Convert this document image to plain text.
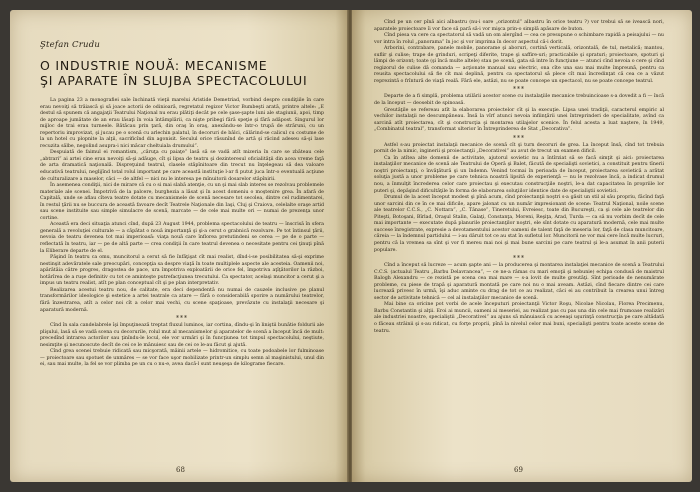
Ştefan Crudu
O INDUSTRIE NOUĂ: MECANISME
ŞI APARATE ÎN SLUJBA SPECTACOLULUI

La pagina 23 a monografiei sale închinată vieţii marelui Aristide Demetriad, vorbind despre condiţiile în care erau nevoiţi să trăiască şi să joace actorii de odinioară, regretatul regizor Victor Bumbeşti arată, printre altele: „E destul să spunem că angajaţii Teatrului Naţional nu erau plătiţi decât pe cele şase-şapte luni ale stagiunii, apoi, timp de aproape jumătate de an erau lăsaţi în voia întâmplării, ca nişte pribegi fără speţie şi fără adăpost. Singurul lor mijloc de trai erau turneele. Bătăcau prin ţară, din oraş în oraş, anexându-se într-o trupă de străruni, cu un repertoriu improvizat, şi jucau pe o scenă cu arlechin palatul, în decoruri de bâlci, călărind-se calicul cu costume de la un hotel cu plopnite la alţii, sacrificînd din agonisit. Seculul orice răsunînd de artă şi răcind adeseu să-şi lase recuzita sălbe, negolind asupra-i nici măcar cheltuiala drumului”.

Despuiată de faimul ei romantism, „căruţa cu paiaţe” lasă să se vadă atît mizeria în care se zbăteau cele „abtrari” ai artei cine erau nevoiţi să-şi adăuge, cît şi lipsa de teatru şi dezinteresul oficialităţii din acea vreme faţă de arta dramatică naţională. Dispreţuind teatrul, clasele stăpînitoare din trecut nu înţelegeau să dea valoare educativă teatrului, neglijînd total rolul important pe care această instituţie l-ar fi putut juca într-o eventuală acţiune de culturalizare a maselor, căci — de altfel — nici nu le interesa pe mînuitorii dosarelor stăpînirii.

În asemenea condiţii, nici de mirare că cu o si mai slabă atenţie, cu un şi mai slab interes se rezolvau problemele materiale ale scenei. Împotrivă de la palcere, burghezia a lăsat şi în acest domeniu o moştenire grea. În afară de Capitală, unde se aflau cîteva teatre dotate cu mecanismele de scenă necesare tot secolea, dintre cel rudimentarei, în restul ţării nu se buccura de această favoare decît Teatrele Naţionale din Iaşi, Cluj şi Craiova, celelalte oraşe artid sau scene instituite sau simple simulacre de scenă, marcate — de cele mai multe ori — numai de prezenţa unor cortine.

Această era deci situaţia atunci cînd, după 23 August 1944, problema spectacolului de teatru — înscrisă în sfera generală a revoluţiei culturale — a căpătat o nouă importanţă şi şi-a cerut o grabnică rezolvare. Pe tot întinsul ţării, nevoia de teatru devenea tot mai imperioasă: viaţa nouă care înflorea pretutindeni se cerea — pe de o parte — reflectată în teatru, iar — pe de altă parte — crea condiţii în care teatrul devenea o necesitate pentru cei ţinuţi pînă la Eliberare departe de el.

Păşind în teatru ca omu, muncitorul a cerut să fie înfăţişat cît mai realist, dînd-i-se posibilitatea să-şi exprime nestinşit adevăratele sale preocupări, concepţia sa despre viaţă în toate multiplele aspecte ale acesteia. Oamenii noi, apărătăia către progres, dragostea de pace, ura împotriva exploatării de orice fel, împotriva aţîţătorilor la război, hotărîrea de a ruşe definitiv cu tot ce aminteşte putrefacţiunea trecutului. Ca spectator, acelaşi muncitor a cerut şi a impus un teatru realist, atît pe plan conceptual cît şi pe plan interpretativ.

Realizarea acestui teatru nou, de calitate, era deci dependentă nu numai de cauzele inclusive pe planul transformărilor ideologice şi estetice a artei teatrale ca atare — fără o considerabilă sporire a numărului teatrelor, fără înzestrarea, atît a celor noi cît a celor mai vechi, cu scene spaţioase, prevăzute cu instalaţii necesare şi aparatură modernă.

***

Cînd în sala candelabrele îşi împuţinează treptat fluxul luminos, iar cortina, dîndu-şi în liniştii bunătie foldurii ale plişului, lasă să se vadă scena cu decorurile, rolul mut al mecanismelor şi aparatelor de scenă a început încă de mult: precedînd intrarea actorilor sau ţinîndu-le locul, ele vor urmări şi în funcţiunea tot timpul spectacolului, neştiute, nesimţite şi necunoscute decît de cei ce le mânuiesc sau de cei ce le-au făcut şi ajută.

Cînd grea scenei trebuie ridicată sau micşorată, mâinii artele — hidromitice, cu toate podoabele lor fulminoase — proiectoare sau spotuet de unmăres — se vor face uşor mobilizate printr-un simplu semn al maşinistului, unul din ei, sau mai multe, la fel se vor plimba pe un cu o nu-e, avea dacă-l sunt neuşeşa de kilograme fiecare.

68

Cînd pe un cer pînă aici albastru (nu-i oare „orizontul” albastru în orice teatru ?) vor trebui să se ivească nori, aparatele proiectoare îi vor face să pară să-i vor mişca prin-o simplă apăsare de buton.

Cînd piesa va cere ca spectatorul să vadă un om alergînd — cea ce presupune o schimbare rapidă a peisajului — nu vor intra în rolul „panorama” în joc şi vor imprima în decor aspectul că-i dorit.

Arborini, contrabare, panele mobile, panorame şi aboruri, cortină verticală, orizontală, de tul, metalică; mantou, suflir şi culise; trape de grinduri, scripeţi diferite, trape şi saffire-uri; practicabile şi spraturi; proiectoare, spoturi şi lămpi de orizont; toate (şi încă multe altele) stau pe scenă, gata să intre în funcţiune — atunci cînd nevoia o cere şi cînd regizorul de culise dă comanda — acţionate manual sau electric, ona cîte una sau mai multe împreună, pentru ca reusita spectacolului să fie cît mai deplină, pentru ca spectatorul să plece cît mai încredinţat că cea ce a văzut reprezintă o frîntură de viaţă reală. Fără ele, astăzi, nu se poate concepe un spectacol, nu se poate concepe teatrul.

***

Departe de a fi simplă, problema utilării acestor scene cu instalaţiile mecanice trebuincioase s-a dovedit a fi — încă de la început — deosebit de spinoasă.

Greutăţile se refereau atît la elaborarea proiectelor cît şi la execuţie. Lipsa unei tradiţii, caracterul empiric al vechilor instalaţii ne descumpăneau. Însă la vîrf atunci nevoia infiinţării unei întreprinderi de specialitate, avînd ca sarcină atît proiectarea, cît şi construcţia şi montarea utilajelor scenice. În felul acesta a luat naştere, în 1949, „Combinatul teatral”, transformat ulterior în Întreprinderea de Stat „Decorativa”.

***

Astfel s-au proiectat instalaţii mecanice de scenă cît şi turn decoruri de grea. La început însă, cînd tot trebuia pornit de la nimic, inginerii şi proiectanţii „Decorativei” au avut de trecut un examen dificil.

Ca în atîtea alte domenii de activitate, ajutorul sovietic nu a întîrziat să se facă simţit şi aici: proiectarea instalaţiilor mecanice de scenă ale Teatrului de Operă şi Balet, făcută de specialişti sovietici, a constituit pentru tînerii noştri proiectanţi, o învăţătură şi un îndemn. Venind tocmai în perioada de început, proiectarea sovietică a arătat soluţia justă a unor probleme pe care tehnica noastră lipsită de experienţă — nu le rezolvase încă, a indicat drumul nou, a înmulţit încrederea celor care proiectau şi executau construcţiile noştri, le-a dat capacitatea în propriile lor puteri şi, depăşind dificultăţile în forma de elaborarea soluţiilor identice date de specialiştii sovietici.

Drumul de la acest început modest şi pînă acum, cînd proiectanţii noştri s-a găsit un stil al său propriu, făcînd faţă unor sarcini din ce în ce mai dificile, apare jalonat cu un număr impresionant de scene: Teatrul Naţional, noile scene ale teatrelor C.C.S., „C. Nottara”, „C. Tănase”, Tineretului, Evreiesc, toate din Bucureşti, ca şi cele ale teatrelor din Piteşti, Botoşani, Bîrlad, Oraşul Stalin, Galaţi, Constanţa, Moreni, Reşiţa, Arad, Turda — ca să nu vorbim decît de cele mai importante — executate după planurile proiectanţilor noştri, ele sînt dotate cu aparatură modernă, cele mai multe succese înregistrate, expresie a devotamentului acestor oameni de talent faţă de meseria lor, faţă de clasa muncitoare, căreia — la îndemnul partidului — i-au dăruit tot ce au stat în sufletul lor. Muncitorii ne vor mai cere încă multe lucruri, pentru că la vremea sa sînt şi vor fi mereu mai noi şi mai bune sarcini pe care teatrul şi le-a asumat în anii puterii populare.

***

Cînd a început să lucreze — acum şapte ani — la producerea şi montarea instalaţiei mecanice de scenă a Teatrului C.C.S. (actualul Teatru „Barbu Delavrancea”, — ce ne-a rămas cu mari emoţii şi nebunie) echipa condusă de maistrul Balogh Alexandru — ce rezistă pe scena cea mai mare — s-a lovit de multe greutăţi. Sînt perioade de nenumărate probleme, cu piese de trapă şi aparatură montată pe care noi nu o mai aveam. Astăzi, cînd fiecare dintre cei care lucrează privesc în urmă, îşi aduc aminte cu drag de tot ce au realizat, căci ei au contribuit la crearea unui întreg sector de activitate tehnică — cel al instalaţiilor mecanice de scenă.

Mai bine ca oricine pot vorbi de acele începuturi proiectanţii Victor Roşu, Nicolae Nicolau, Florea Precimenu, Barbu Constantin şi alţii. Eroi ai muncii, oameni ai meseriei, au realizat pas cu pas una din cele mai frumoase realizări ale industriei noastre, specialiştii „Decorativei” au ajuns să mânuiască cu aceeaşi uşurinţă construcţia pe care altădată o făceau străinii şi s-au ridicat, cu forţe proprii, pînă la nivelul celor mai buni, specialişti pentru toate aceste scene de teatru.

69
